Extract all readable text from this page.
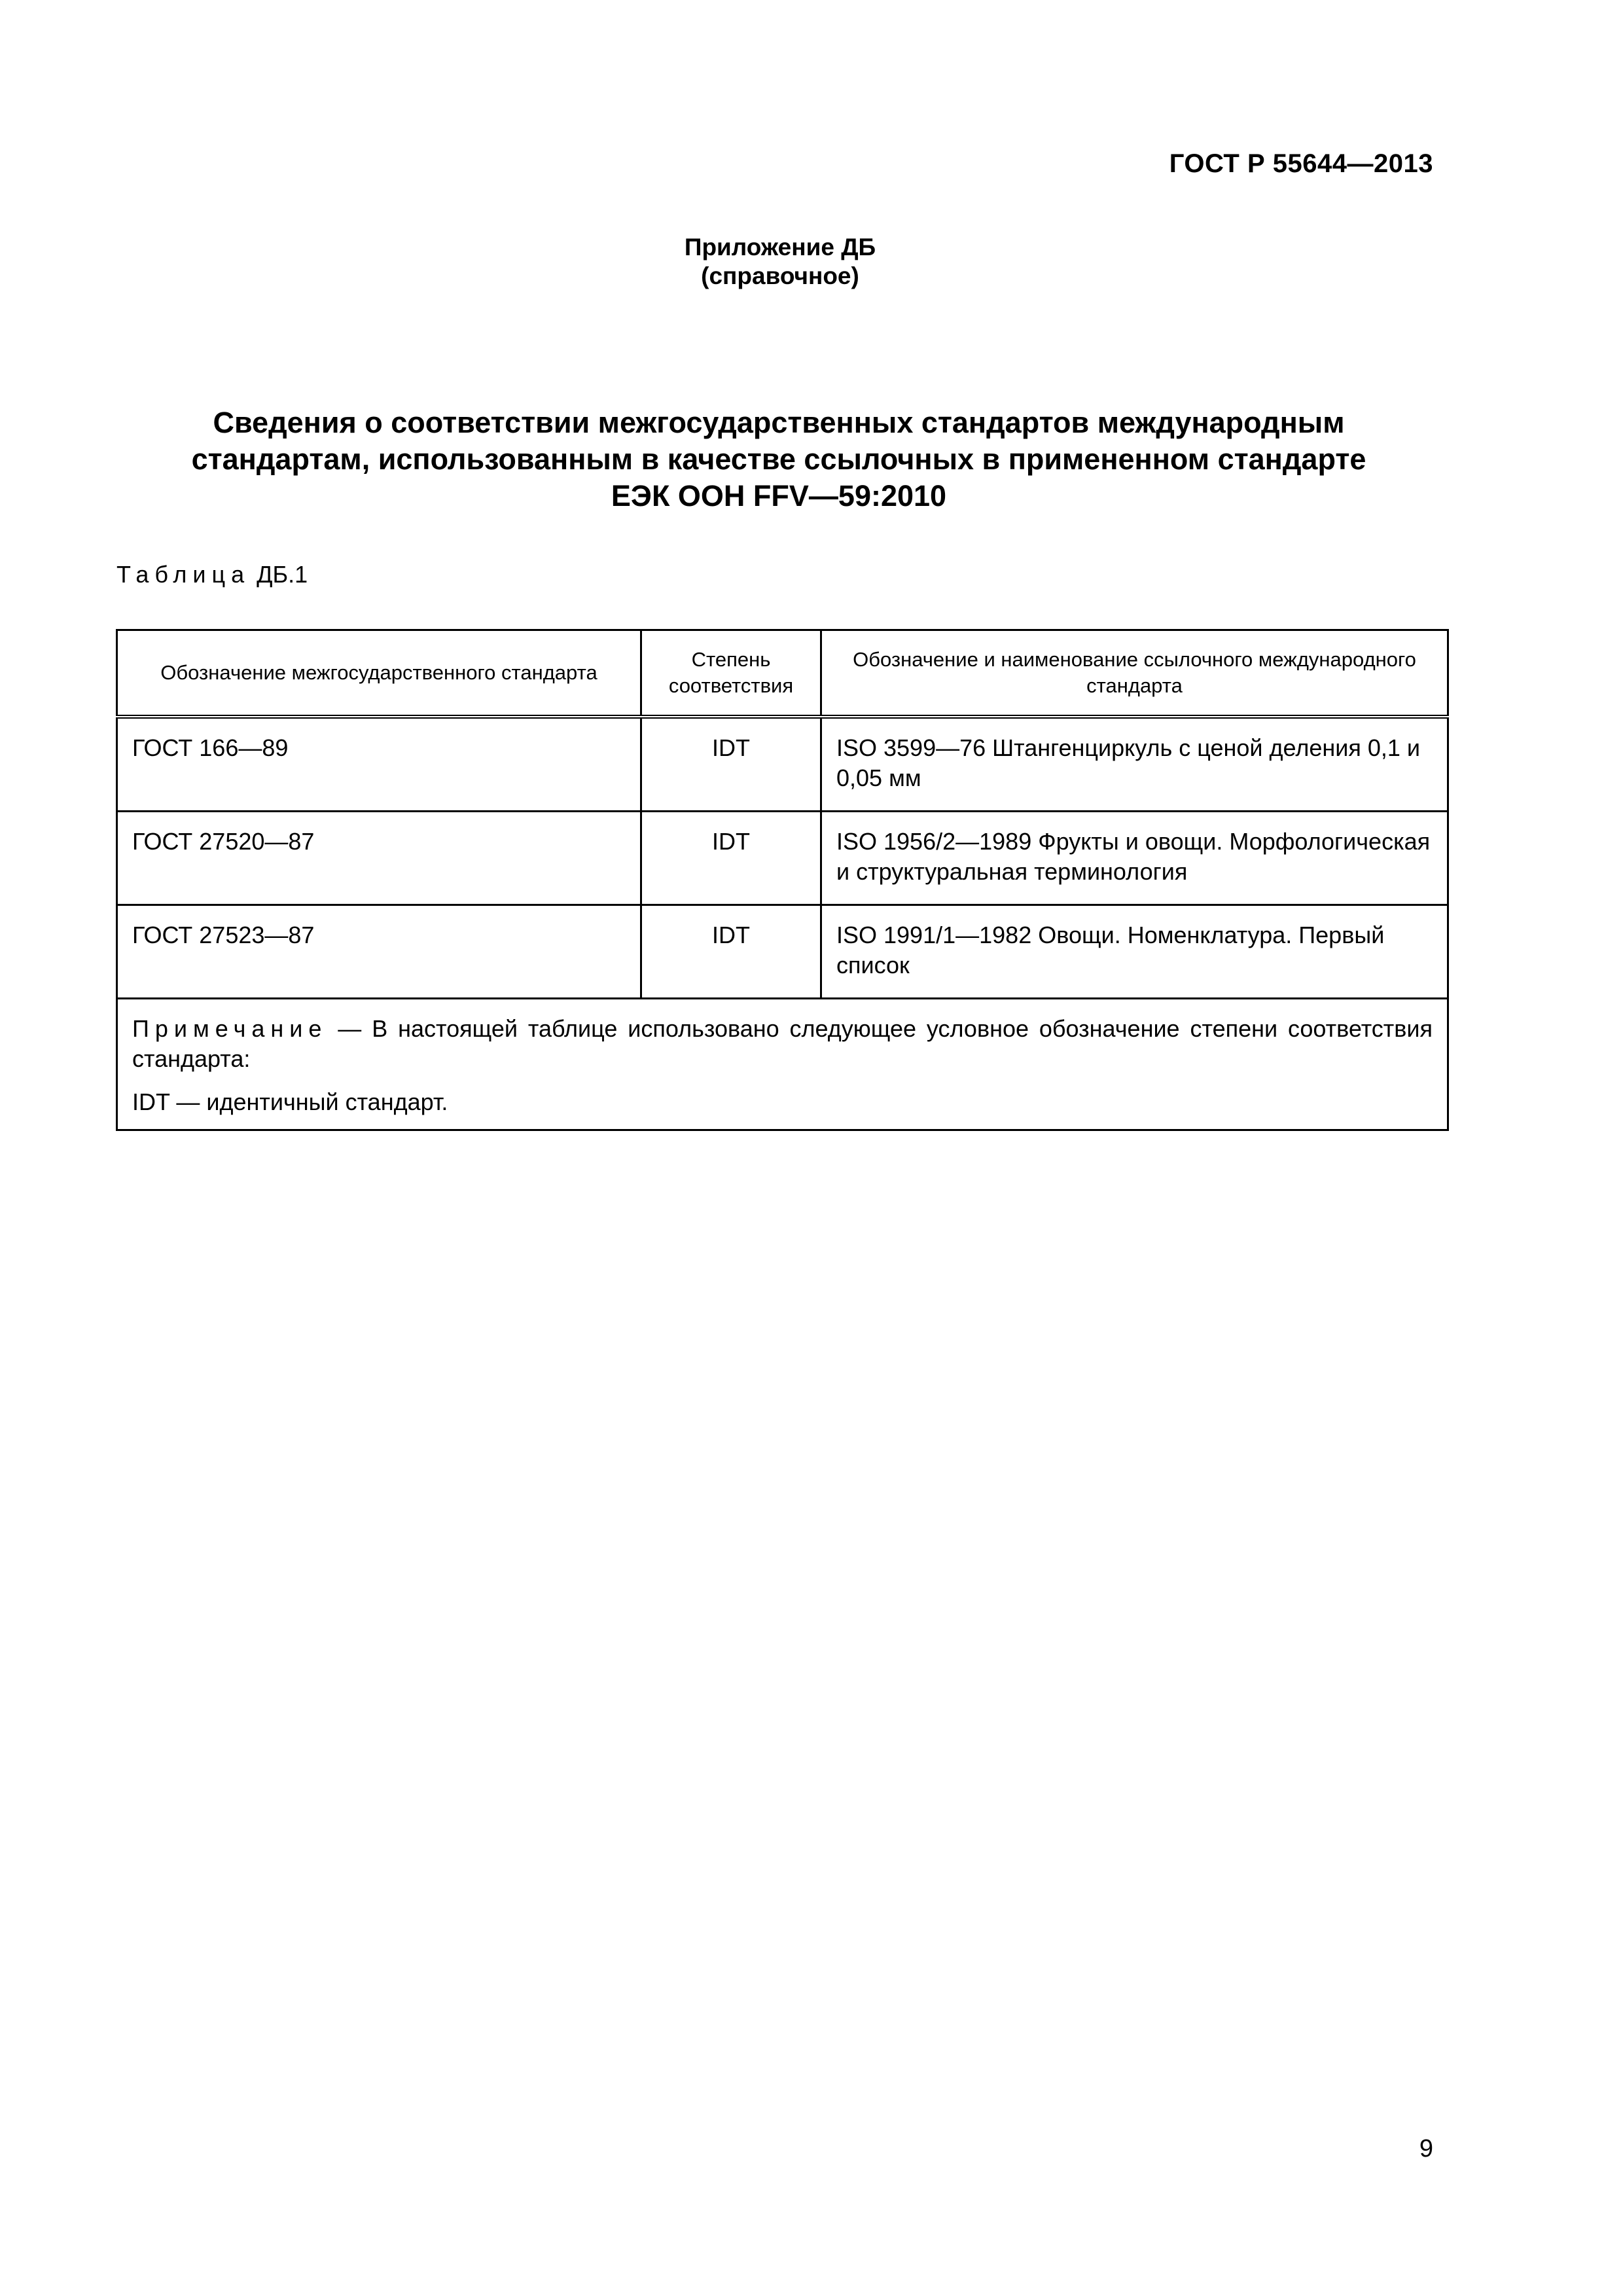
ГОСТ Р 55644—2013
Приложение ДБ
(справочное)
Сведения о соответствии межгосударственных стандартов международным
стандартам, использованным в качестве ссылочных в примененном стандарте
ЕЭК ООН FFV—59:2010
Таблица ДБ.1
Обозначение межгосударственного стандарта	Степень соответствия	Обозначение и наименование ссылочного международного стандарта
ГОСТ 166—89	IDT	ISO 3599—76 Штангенциркуль с ценой деления 0,1 и 0,05 мм
ГОСТ 27520—87	IDT	ISO 1956/2—1989 Фрукты и овощи. Морфологическая и структуральная терминология
ГОСТ 27523—87	IDT	ISO 1991/1—1982 Овощи. Номенклатура. Первый список

Примечание — В настоящей таблице использовано следующее условное обозначение степени соответствия стандарта:
IDT — идентичный стандарт.		
9
